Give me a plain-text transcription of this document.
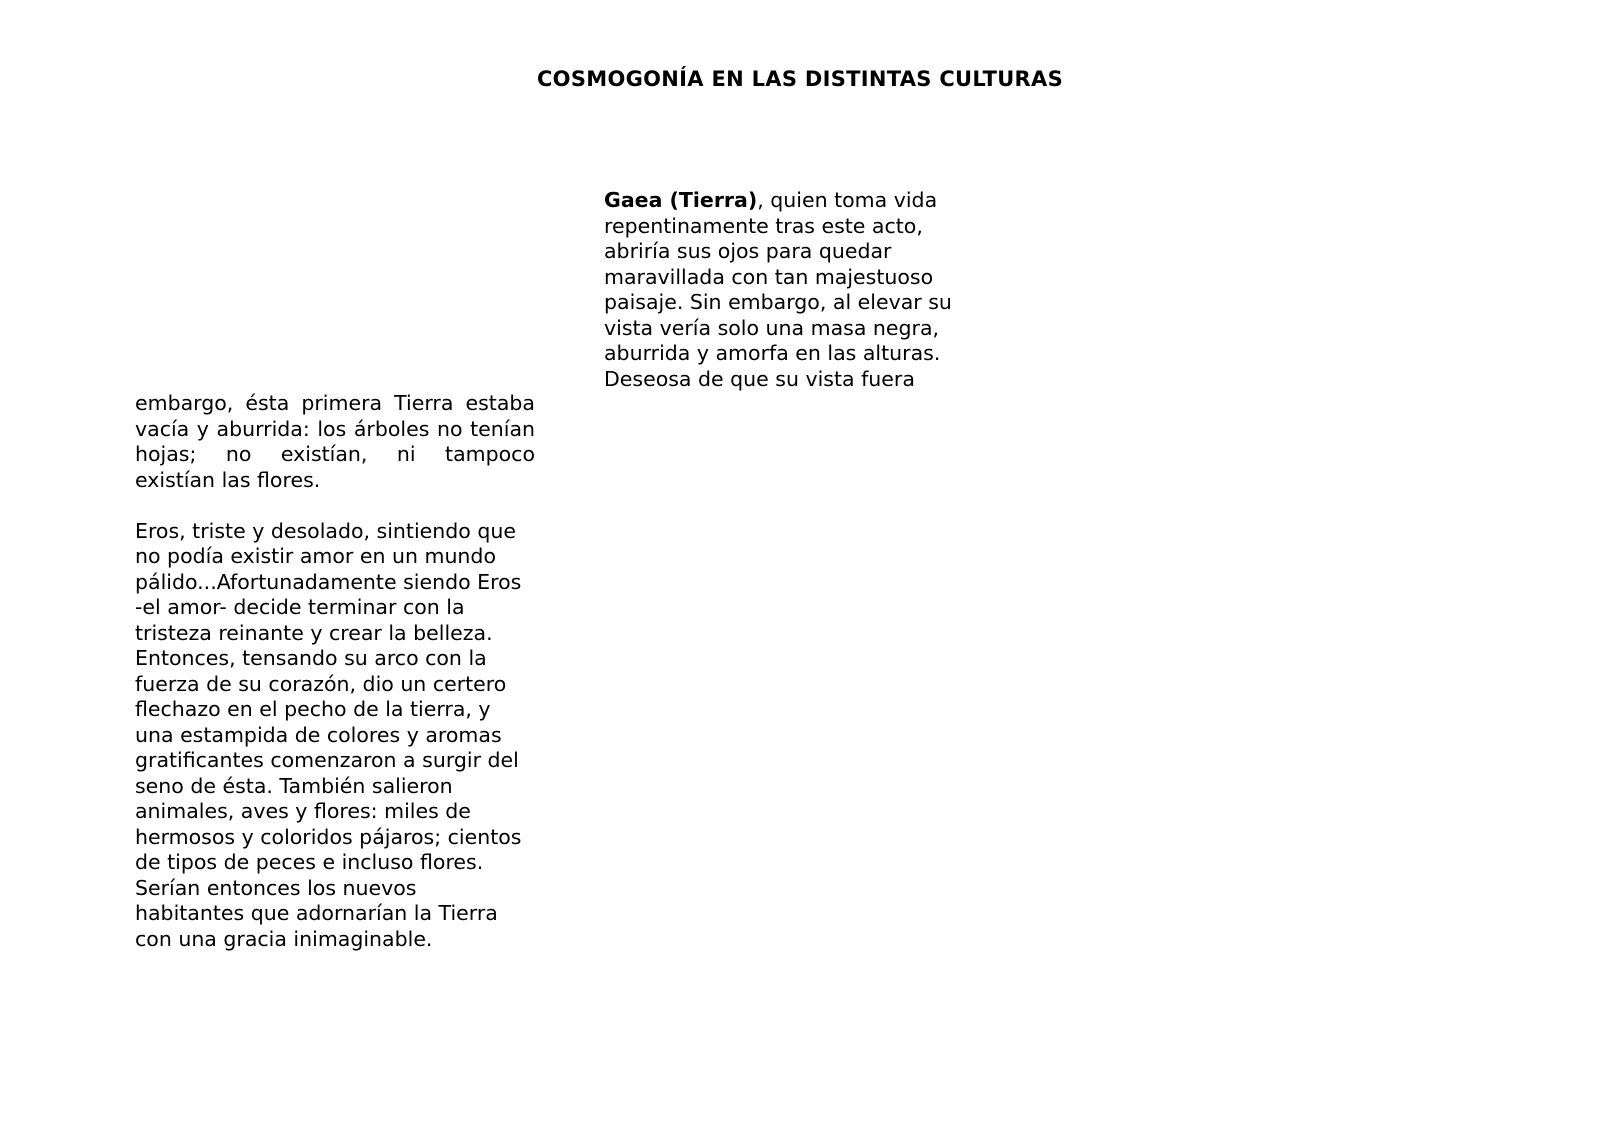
COSMOGONÍA EN LAS DISTINTAS CULTURAS

embargo, ésta primera Tierra estaba
vacía y aburrida: los árboles no tenían
hojas; no existían, ni tampoco
existían las flores.

Eros, triste y desolado, sintiendo que
no podía existir amor en un mundo
pálido...Afortunadamente siendo Eros
-el amor- decide terminar con la
tristeza reinante y crear la belleza.
Entonces, tensando su arco con la
fuerza de su corazón, dio un certero
flechazo en el pecho de la tierra, y
una estampida de colores y aromas
gratificantes comenzaron a surgir del
seno de ésta. También salieron
animales, aves y flores: miles de
hermosos y coloridos pájaros; cientos
de tipos de peces e incluso flores.
Serían entonces los nuevos
habitantes que adornarían la Tierra
con una gracia inimaginable.

Gaea (Tierra), quien toma vida
repentinamente tras este acto,
abriría sus ojos para quedar
maravillada con tan majestuoso
paisaje. Sin embargo, al elevar su
vista vería solo una masa negra,
aburrida y amorfa en las alturas.
Deseosa de que su vista fuera
